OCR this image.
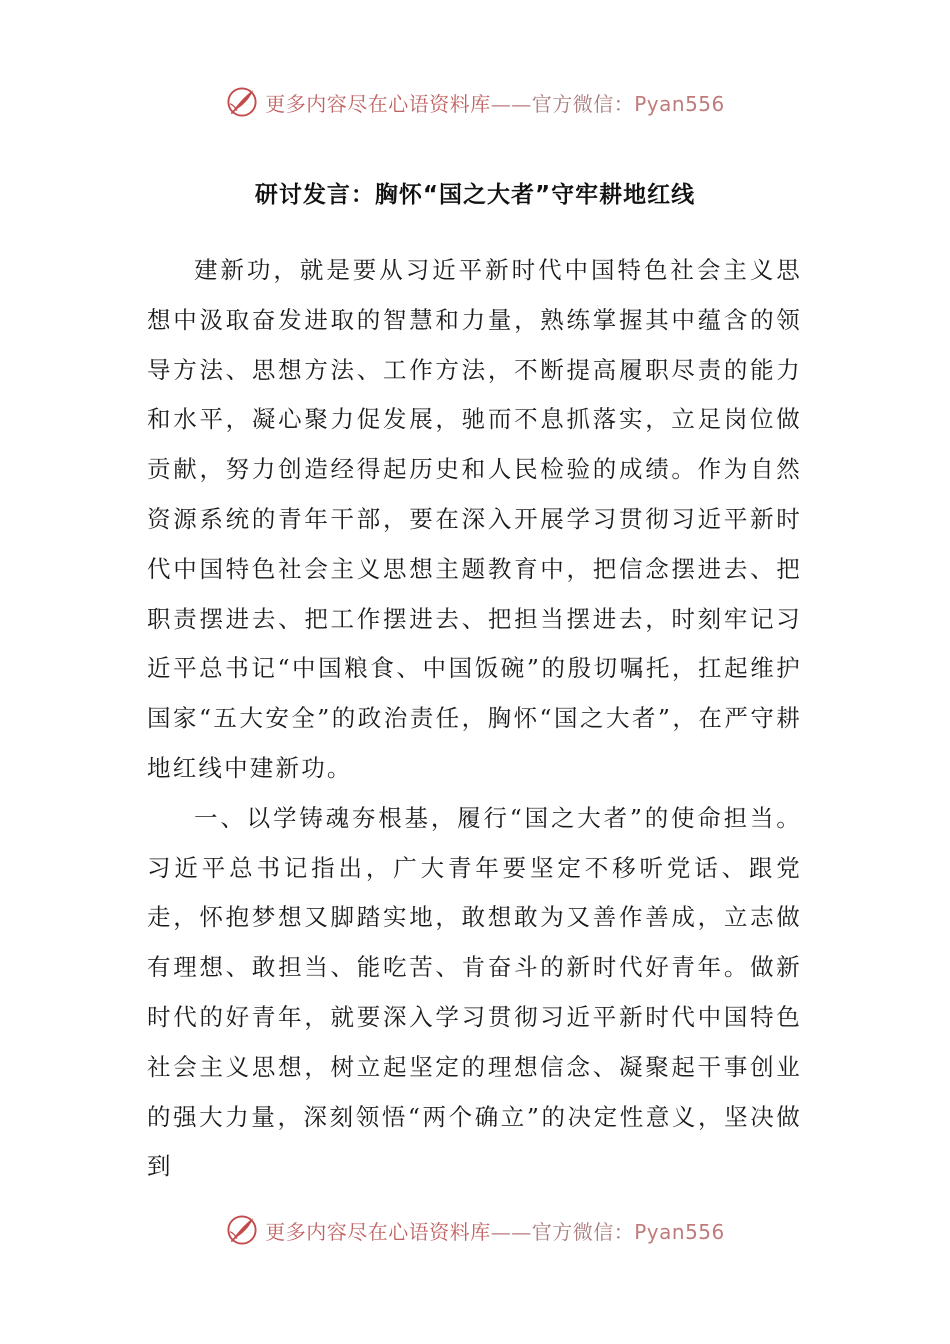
更多内容尽在心语资料库——官方微信：Pyan556
研讨发言：胸怀“国之大者”守牢耕地红线

建新功，就是要从习近平新时代中国特色社会主义思想中汲取奋发进取的智慧和力量，熟练掌握其中蕴含的领导方法、思想方法、工作方法，不断提高履职尽责的能力和水平，凝心聚力促发展，驰而不息抓落实，立足岗位做贡献，努力创造经得起历史和人民检验的成绩。作为自然资源系统的青年干部，要在深入开展学习贯彻习近平新时代中国特色社会主义思想主题教育中，把信念摆进去、把职责摆进去、把工作摆进去、把担当摆进去，时刻牢记习近平总书记“中国粮食、中国饭碗”的殷切嘱托，扛起维护国家“五大安全”的政治责任，胸怀“国之大者”，在严守耕地红线中建新功。

一、以学铸魂夯根基，履行“国之大者”的使命担当。习近平总书记指出，广大青年要坚定不移听党话、跟党走，怀抱梦想又脚踏实地，敢想敢为又善作善成，立志做有理想、敢担当、能吃苦、肯奋斗的新时代好青年。做新时代的好青年，就要深入学习贯彻习近平新时代中国特色社会主义思想，树立起坚定的理想信念、凝聚起干事创业的强大力量，深刻领悟“两个确立”的决定性意义，坚决做到

更多内容尽在心语资料库——官方微信：Pyan556
